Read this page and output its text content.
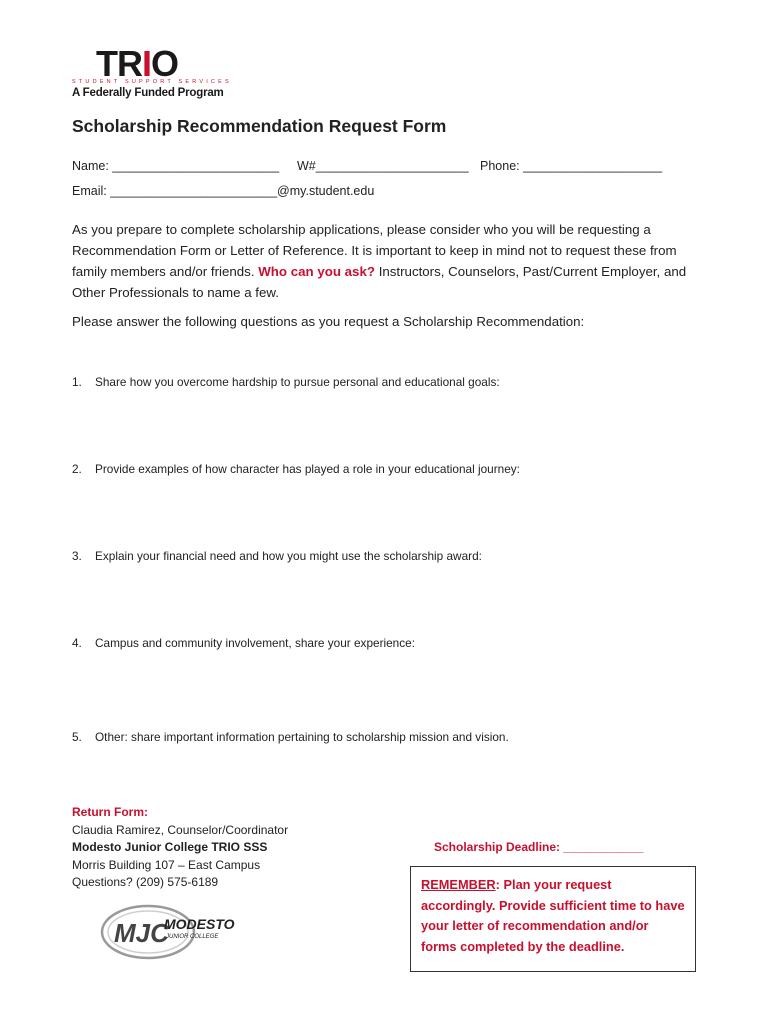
TRIO
STUDENT SUPPORT SERVICES
A Federally Funded Program
Scholarship Recommendation Request Form
Name: ________________________ W#______________________ Phone: ____________________
Email: ________________________@my.student.edu

As you prepare to complete scholarship applications, please consider who you will be requesting a Recommendation Form or Letter of Reference. It is important to keep in mind not to request these from family members and/or friends. Who can you ask? Instructors, Counselors, Past/Current Employer, and Other Professionals to name a few.

Please answer the following questions as you request a Scholarship Recommendation:

1. Share how you overcome hardship to pursue personal and educational goals:
2. Provide examples of how character has played a role in your educational journey:
3. Explain your financial need and how you might use the scholarship award:
4. Campus and community involvement, share your experience:
5. Other: share important information pertaining to scholarship mission and vision.
Return Form:
Claudia Ramirez, Counselor/Coordinator
Modesto Junior College TRIO SSS
Morris Building 107 – East Campus
Questions? (209) 575-6189
Scholarship Deadline: ____________
REMEMBER: Plan your request accordingly. Provide sufficient time to have your letter of recommendation and/or forms completed by the deadline.
MJC
MODESTO
JUNIOR COLLEGE
